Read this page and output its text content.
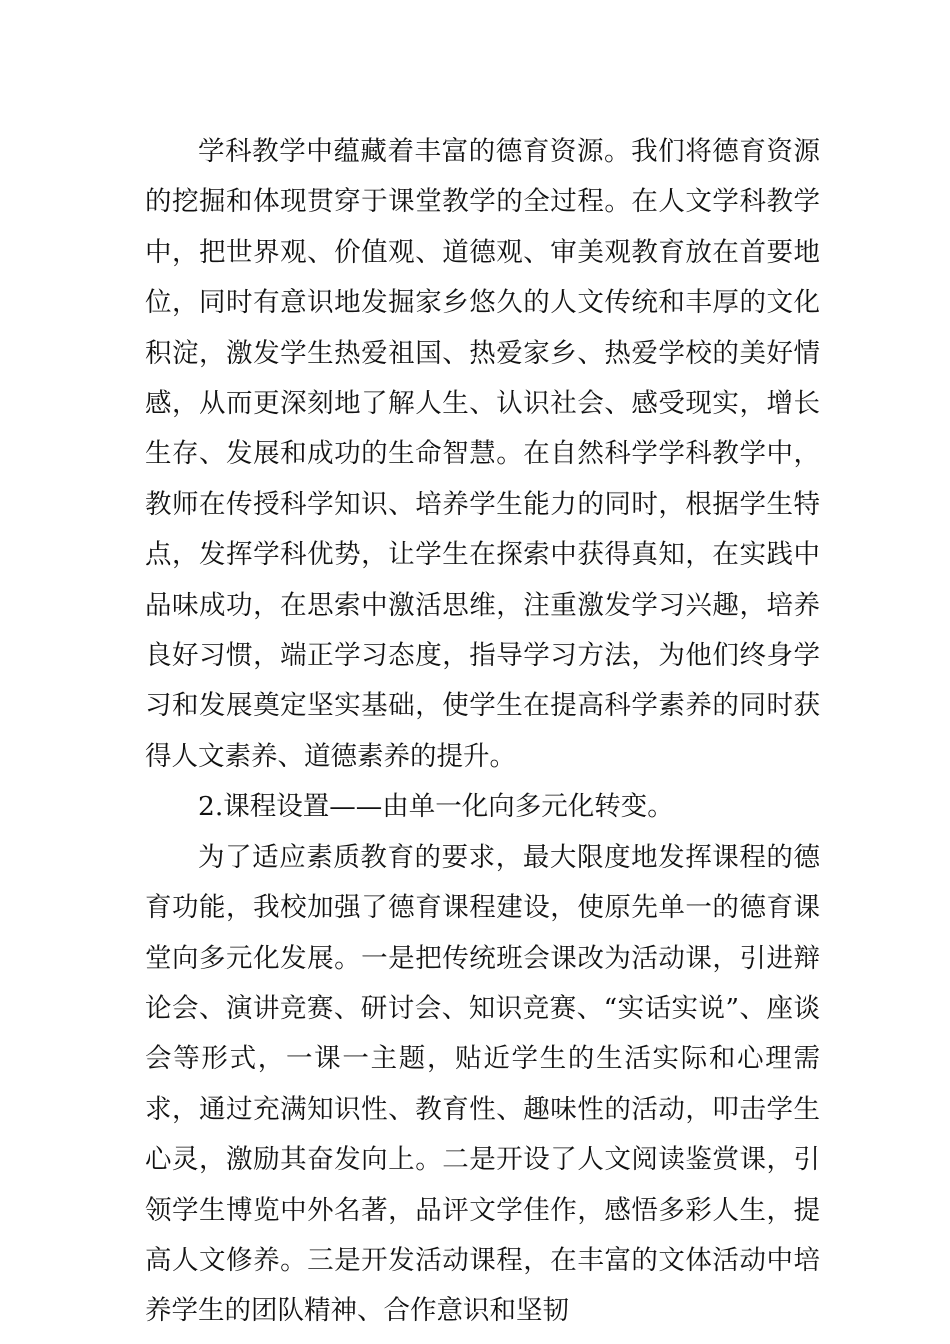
学科教学中蕴藏着丰富的德育资源。我们将德育资源的挖掘和体现贯穿于课堂教学的全过程。在人文学科教学中，把世界观、价值观、道德观、审美观教育放在首要地位，同时有意识地发掘家乡悠久的人文传统和丰厚的文化积淀，激发学生热爱祖国、热爱家乡、热爱学校的美好情感，从而更深刻地了解人生、认识社会、感受现实，增长生存、发展和成功的生命智慧。在自然科学学科教学中，教师在传授科学知识、培养学生能力的同时，根据学生特点，发挥学科优势，让学生在探索中获得真知，在实践中品味成功，在思索中激活思维，注重激发学习兴趣，培养良好习惯，端正学习态度，指导学习方法，为他们终身学习和发展奠定坚实基础，使学生在提高科学素养的同时获得人文素养、道德素养的提升。

2.课程设置——由单一化向多元化转变。

为了适应素质教育的要求，最大限度地发挥课程的德育功能，我校加强了德育课程建设，使原先单一的德育课堂向多元化发展。一是把传统班会课改为活动课，引进辩论会、演讲竞赛、研讨会、知识竞赛、“实话实说”、座谈会等形式，一课一主题，贴近学生的生活实际和心理需求，通过充满知识性、教育性、趣味性的活动，叩击学生心灵，激励其奋发向上。二是开设了人文阅读鉴赏课，引领学生博览中外名著，品评文学佳作，感悟多彩人生，提高人文修养。三是开发活动课程，在丰富的文体活动中培养学生的团队精神、合作意识和坚韧
